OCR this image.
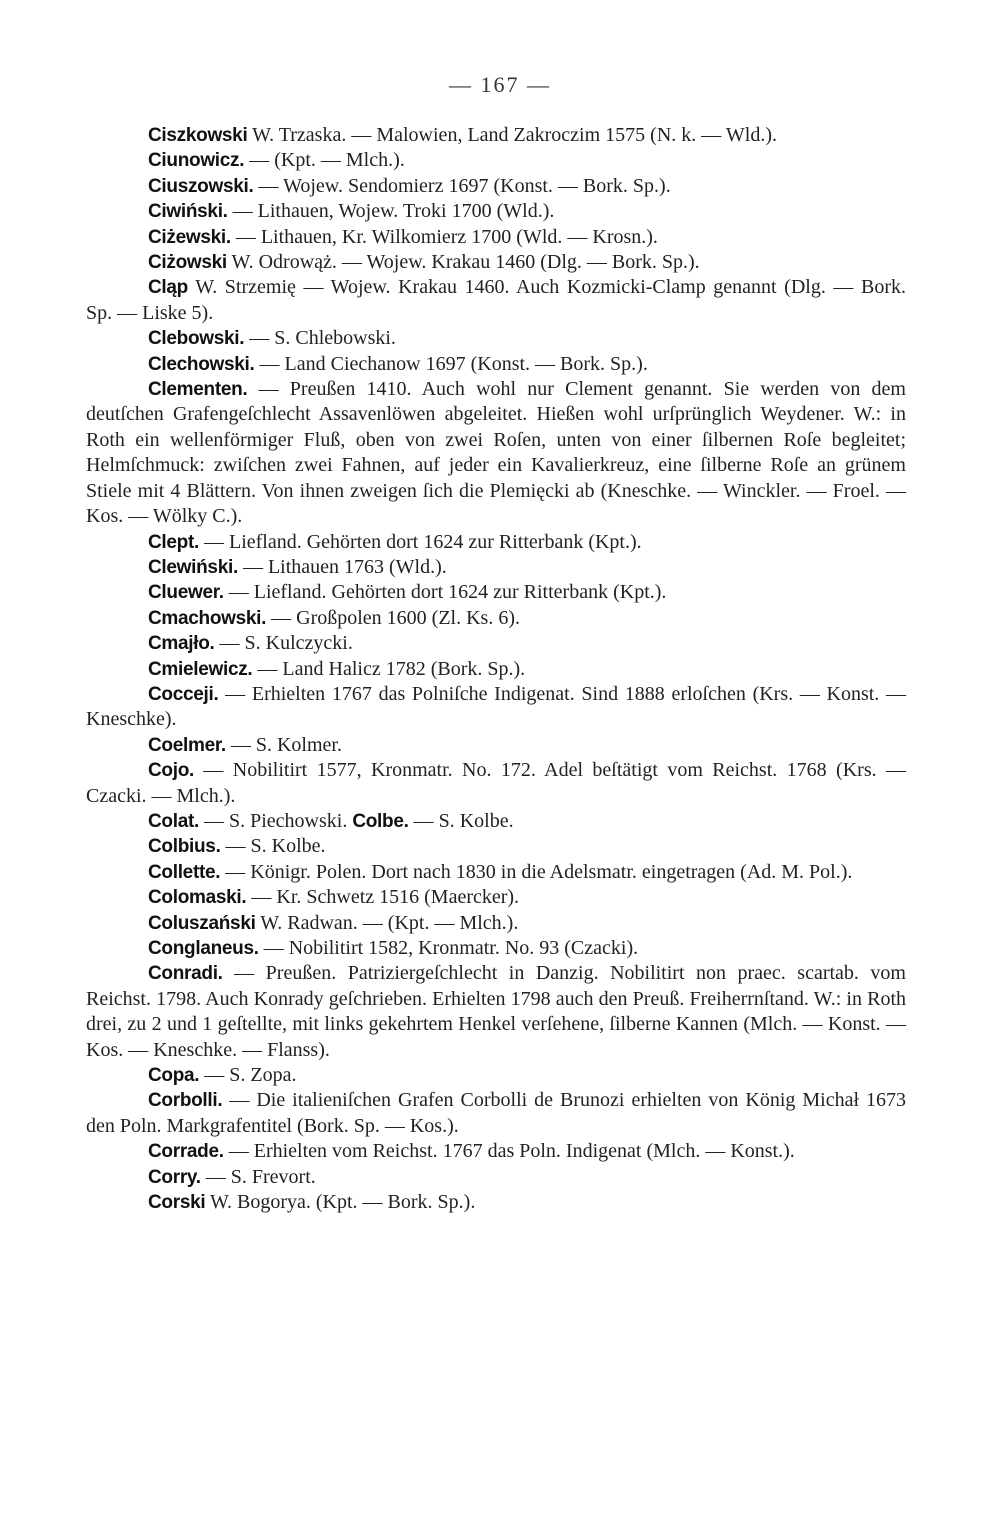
— 167 —

Ciszkowski W. Trzaska. — Malowien, Land Zakroczim 1575 (N. k. — Wld.).

Ciunowicz. — (Kpt. — Mlch.).

Ciuszowski. — Wojew. Sendomierz 1697 (Konst. — Bork. Sp.).

Ciwiński. — Lithauen, Wojew. Troki 1700 (Wld.).

Ciżewski. — Lithauen, Kr. Wilkomierz 1700 (Wld. — Krosn.).

Ciżowski W. Odrowąż. — Wojew. Krakau 1460 (Dlg. — Bork. Sp.).

Cląp W. Strzemię — Wojew. Krakau 1460. Auch Kozmicki-Clamp genannt (Dlg. — Bork. Sp. — Liske 5).

Clebowski. — S. Chlebowski.

Clechowski. — Land Ciechanow 1697 (Konst. — Bork. Sp.).

Clementen. — Preußen 1410. Auch wohl nur Clement genannt. Sie werden von dem deutſchen Grafengeſchlecht Assavenlöwen abgeleitet. Hießen wohl urſprünglich Weydener. W.: in Roth ein wellenförmiger Fluß, oben von zwei Roſen, unten von einer ſilbernen Roſe begleitet; Helmſchmuck: zwiſchen zwei Fahnen, auf jeder ein Kavalierkreuz, eine ſilberne Roſe an grünem Stiele mit 4 Blättern. Von ihnen zweigen ſich die Plemięcki ab (Kneschke. — Winckler. — Froel. — Kos. — Wölky C.).

Clept. — Liefland. Gehörten dort 1624 zur Ritterbank (Kpt.).

Clewiński. — Lithauen 1763 (Wld.).

Cluewer. — Liefland. Gehörten dort 1624 zur Ritterbank (Kpt.).

Cmachowski. — Großpolen 1600 (Zl. Ks. 6).

Cmajło. — S. Kulczycki.

Cmielewicz. — Land Halicz 1782 (Bork. Sp.).

Cocceji. — Erhielten 1767 das Polniſche Indigenat. Sind 1888 erloſchen (Krs. — Konst. — Kneschke).

Coelmer. — S. Kolmer.

Cojo. — Nobilitirt 1577, Kronmatr. No. 172. Adel beſtätigt vom Reichst. 1768 (Krs. — Czacki. — Mlch.).

Colat. — S. Piechowski. Colbe. — S. Kolbe.

Colbius. — S. Kolbe.

Collette. — Königr. Polen. Dort nach 1830 in die Adelsmatr. eingetragen (Ad. M. Pol.).

Colomaski. — Kr. Schwetz 1516 (Maercker).

Coluszański W. Radwan. — (Kpt. — Mlch.).

Conglaneus. — Nobilitirt 1582, Kronmatr. No. 93 (Czacki).

Conradi. — Preußen. Patriziergeſchlecht in Danzig. Nobilitirt non praec. scartab. vom Reichst. 1798. Auch Konrady geſchrieben. Erhielten 1798 auch den Preuß. Freiherrnſtand. W.: in Roth drei, zu 2 und 1 geſtellte, mit links gekehrtem Henkel verſehene, ſilberne Kannen (Mlch. — Konst. — Kos. — Kneschke. — Flanss).

Copa. — S. Zopa.

Corbolli. — Die italieniſchen Grafen Corbolli de Brunozi erhielten von König Michał 1673 den Poln. Markgrafentitel (Bork. Sp. — Kos.).

Corrade. — Erhielten vom Reichst. 1767 das Poln. Indigenat (Mlch. — Konst.).

Corry. — S. Frevort.

Corski W. Bogorya. (Kpt. — Bork. Sp.).
